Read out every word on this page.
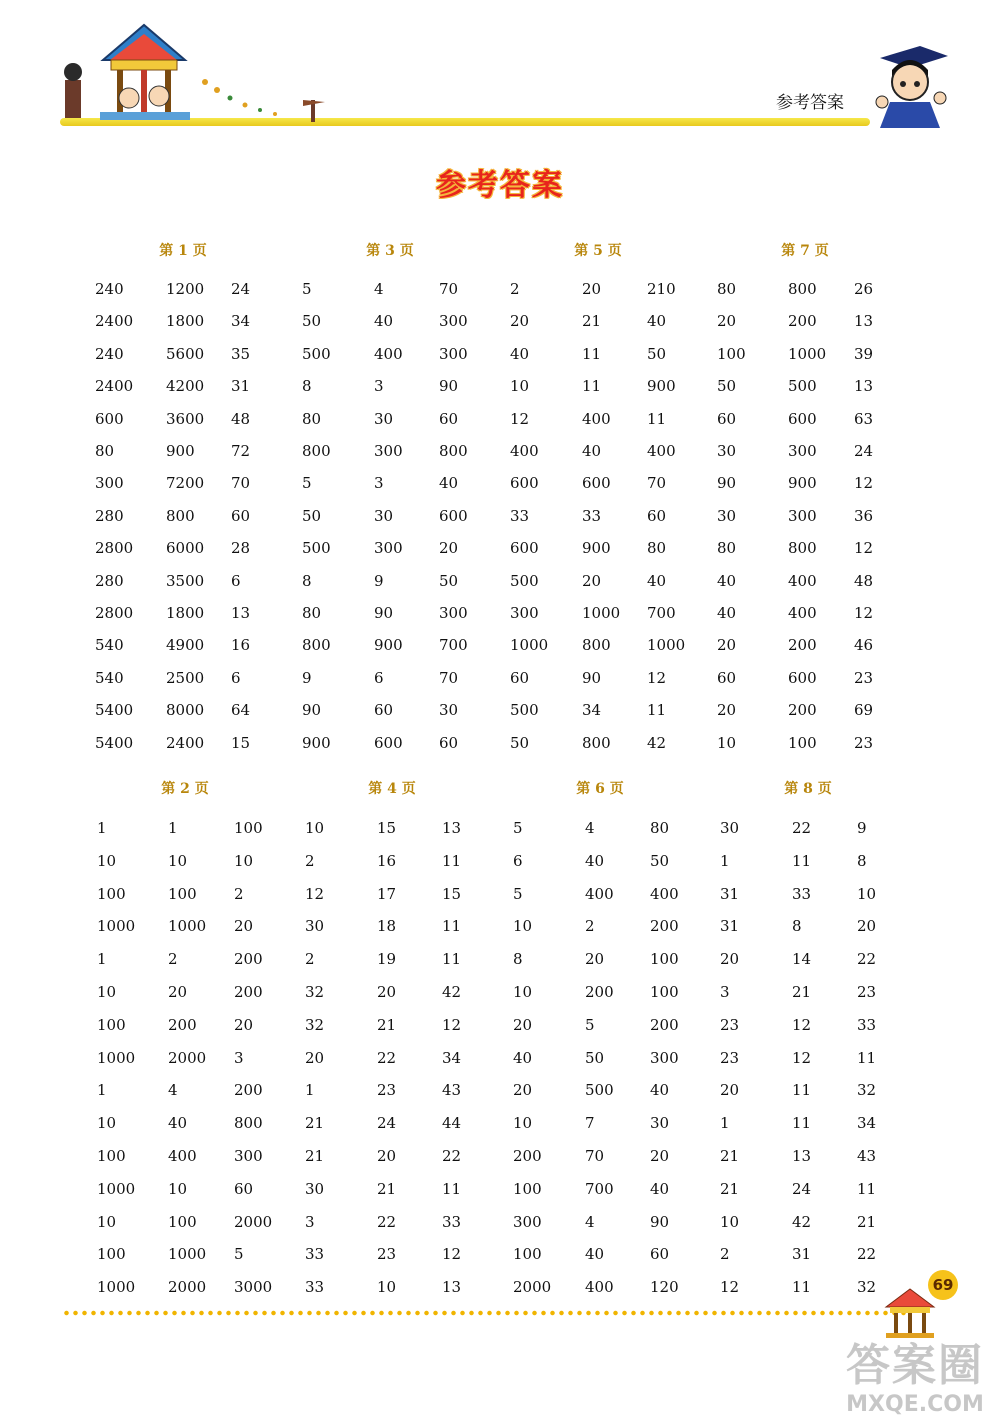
参考答案
参考答案
第 1 页
240
2400
240
2400
600
80
300
280
2800
280
2800
540
540
5400
5400
1200
1800
5600
4200
3600
900
7200
800
6000
3500
1800
4900
2500
8000
2400
24
34
35
31
48
72
70
60
28
6
13
16
6
64
15
第 3 页
5
50
500
8
80
800
5
50
500
8
80
800
9
90
900
4
40
400
3
30
300
3
30
300
9
90
900
6
60
600
70
300
300
90
60
800
40
600
20
50
300
700
70
30
60
第 5 页
2
20
40
10
12
400
600
33
600
500
300
1000
60
500
50
20
21
11
11
400
40
600
33
900
20
1000
800
90
34
800
210
40
50
900
11
400
70
60
80
40
700
1000
12
11
42
第 7 页
80
20
100
50
60
30
90
30
80
40
40
20
60
20
10
800
200
1000
500
600
300
900
300
800
400
400
200
600
200
100
26
13
39
13
63
24
12
36
12
48
12
46
23
69
23
第 2 页
1
10
100
1000
1
10
100
1000
1
10
100
1000
10
100
1000
1
10
100
1000
2
20
200
2000
4
40
400
10
100
1000
2000
100
10
2
20
200
200
20
3
200
800
300
60
2000
5
3000
第 4 页
10
2
12
30
2
32
32
20
1
21
21
30
3
33
33
15
16
17
18
19
20
21
22
23
24
20
21
22
23
10
13
11
15
11
11
42
12
34
43
44
22
11
33
12
13
第 6 页
5
6
5
10
8
10
20
40
20
10
200
100
300
100
2000
4
40
400
2
20
200
5
50
500
7
70
700
4
40
400
80
50
400
200
100
100
200
300
40
30
20
40
90
60
120
第 8 页
30
1
31
31
20
3
23
23
20
1
21
21
10
2
12
22
11
33
8
14
21
12
12
11
11
13
24
42
31
11
9
8
10
20
22
23
33
11
32
34
43
11
21
22
32	69
答案圈
MXQE.COM
